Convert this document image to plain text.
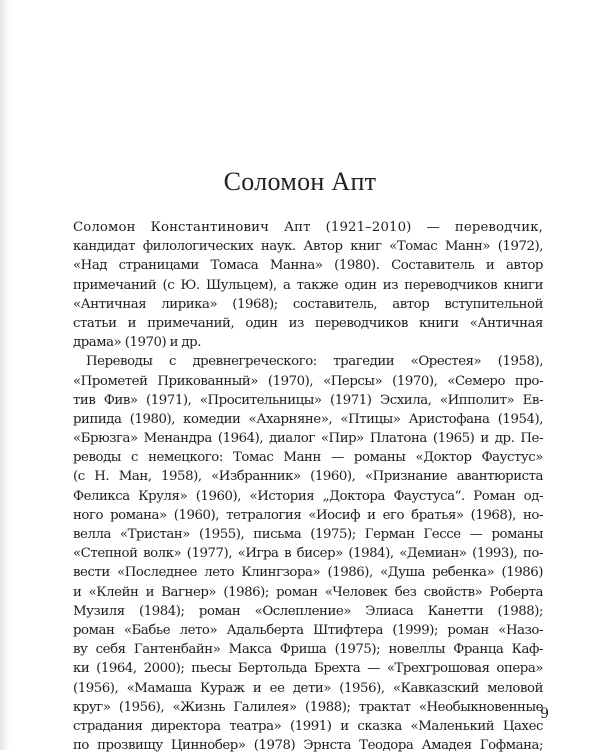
Соломон Апт
Соломон Константинович Апт (1921–2010) — переводчик,
кандидат филологических наук. Автор книг «Томас Манн» (1972),
«Над страницами Томаса Манна» (1980). Составитель и автор
примечаний (с Ю. Шульцем), а также один из переводчиков книги
«Античная лирика» (1968); составитель, автор вступительной
статьи и примечаний, один из переводчиков книги «Античная
драма» (1970) и др.
Переводы с древнегреческого: трагедии «Орестея» (1958),
«Прометей Прикованный» (1970), «Персы» (1970), «Семеро про-
тив Фив» (1971), «Просительницы» (1971) Эсхила, «Ипполит» Ев-
рипида (1980), комедии «Ахарняне», «Птицы» Аристофана (1954),
«Брюзга» Менандра (1964), диалог «Пир» Платона (1965) и др. Пе-
реводы с немецкого: Томас Манн — романы «Доктор Фаустус»
(с Н. Ман, 1958), «Избранник» (1960), «Признание авантюриста
Феликса Круля» (1960), «История „Доктора Фаустуса“. Роман од-
ного романа» (1960), тетралогия «Иосиф и его братья» (1968), но-
велла «Тристан» (1955), письма (1975); Герман Гессе — романы
«Степной волк» (1977), «Игра в бисер» (1984), «Демиан» (1993), по-
вести «Последнее лето Клингзора» (1986), «Душа ребенка» (1986)
и «Клейн и Вагнер» (1986); роман «Человек без свойств» Роберта
Музиля (1984); роман «Ослепление» Элиаса Канетти (1988);
роман «Бабье лето» Адальберта Штифтера (1999); роман «Назо-
ву себя Гантенбайн» Макса Фриша (1975); новеллы Франца Каф-
ки (1964, 2000); пьесы Бертольда Брехта — «Трехгрошовая опера»
(1956), «Мамаша Кураж и ее дети» (1956), «Кавказский меловой
круг» (1956), «Жизнь Галилея» (1988); трактат «Необыкновенные
страдания директора театра» (1991) и сказка «Маленький Цахес
по прозвищу Циннобер» (1978) Эрнста Теодора Амадея Гофмана;
9
